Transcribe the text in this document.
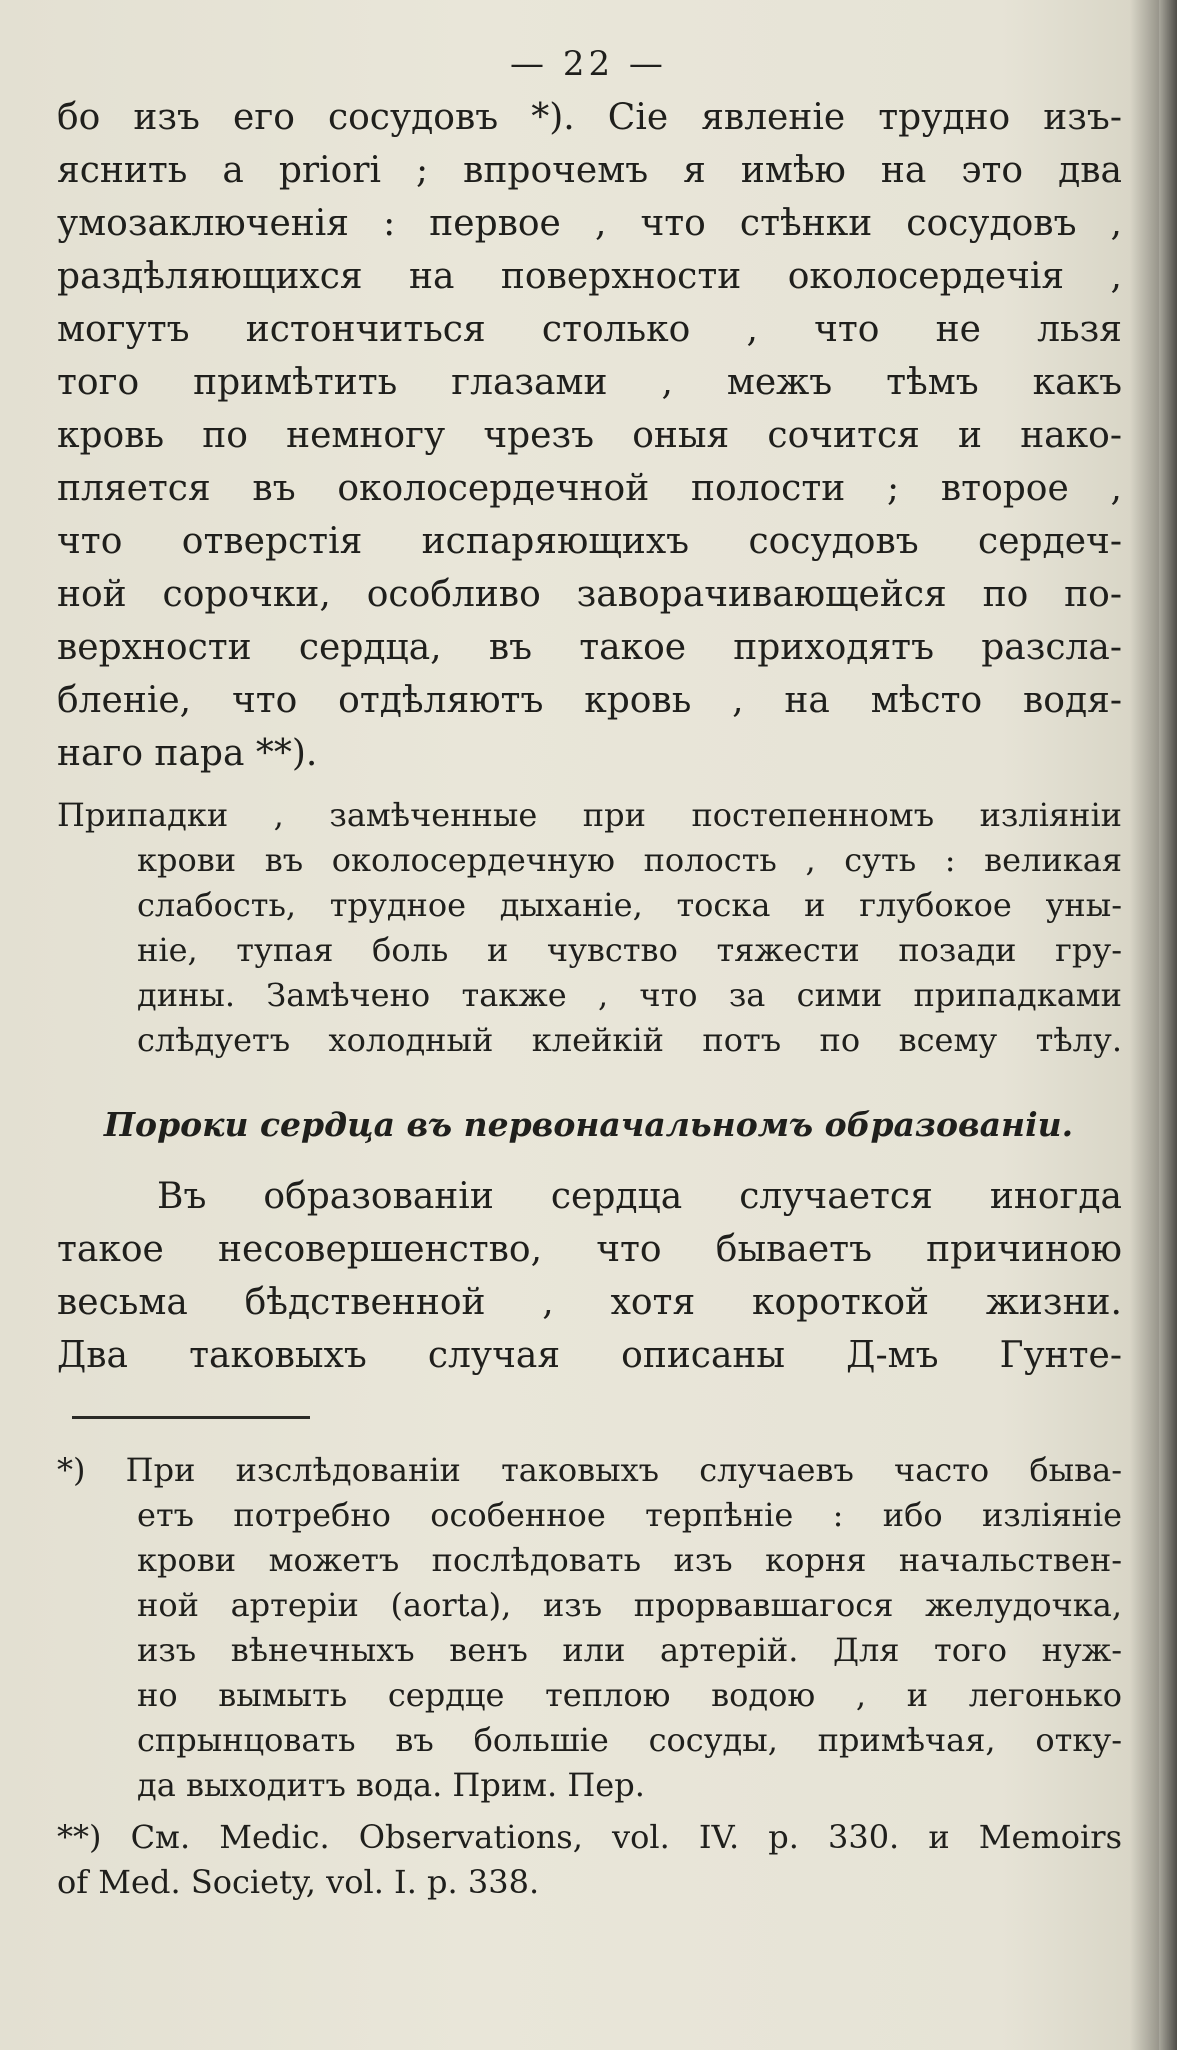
— 22 —
бо изъ его сосудовъ *). Сiе явленiе трудно изъ-
яснить a priori ; впрочемъ я имѣю на это два
умозаключенiя : первое , что стѣнки сосудовъ ,
раздѣляющихся на поверхности околосердечiя ,
могутъ истончиться столько , что не льзя
того примѣтить глазами , межъ тѣмъ какъ
кровь по немногу чрезъ оныя сочится и нако-
пляется въ околосердечной полости ; второе ,
что отверстiя испаряющихъ сосудовъ сердеч-
ной сорочки, особливо заворачивающейся по по-
верхности сердца, въ такое приходятъ разсла-
бленiе, что отдѣляютъ кровь , на мѣсто водя-
наго пара **).
Припадки , замѣченные при постепенномъ излiянiи
крови въ околосердечную полость , суть : великая
слабость, трудное дыханiе, тоска и глубокое уны-
нiе, тупая боль и чувство тяжести позади гру-
дины. Замѣчено также , что за сими припадками
слѣдуетъ холодный клейкiй потъ по всему тѣлу.
Пороки сердца въ первоначальномъ образованiи.
Въ образованiи сердца случается иногда
такое несовершенство, что бываетъ причиною
весьма бѣдственной , хотя короткой жизни.
Два таковыхъ случая описаны Д-мъ Гунте-
*) При изслѣдованiи таковыхъ случаевъ часто быва-
етъ потребно особенное терпѣнiе : ибо излiянiе
крови можетъ послѣдовать изъ корня начальствен-
ной артерiи (aorta), изъ прорвавшагося желудочка,
изъ вѣнечныхъ венъ или артерiй. Для того нуж-
но вымыть сердце теплою водою , и легонько
спрынцовать въ большiе сосуды, примѣчая, отку-
да выходитъ вода. Прим. Пер.
**) См. Medic. Observations, vol. IV. p. 330. и Memoirs
of Med. Society, vol. I. p. 338.
